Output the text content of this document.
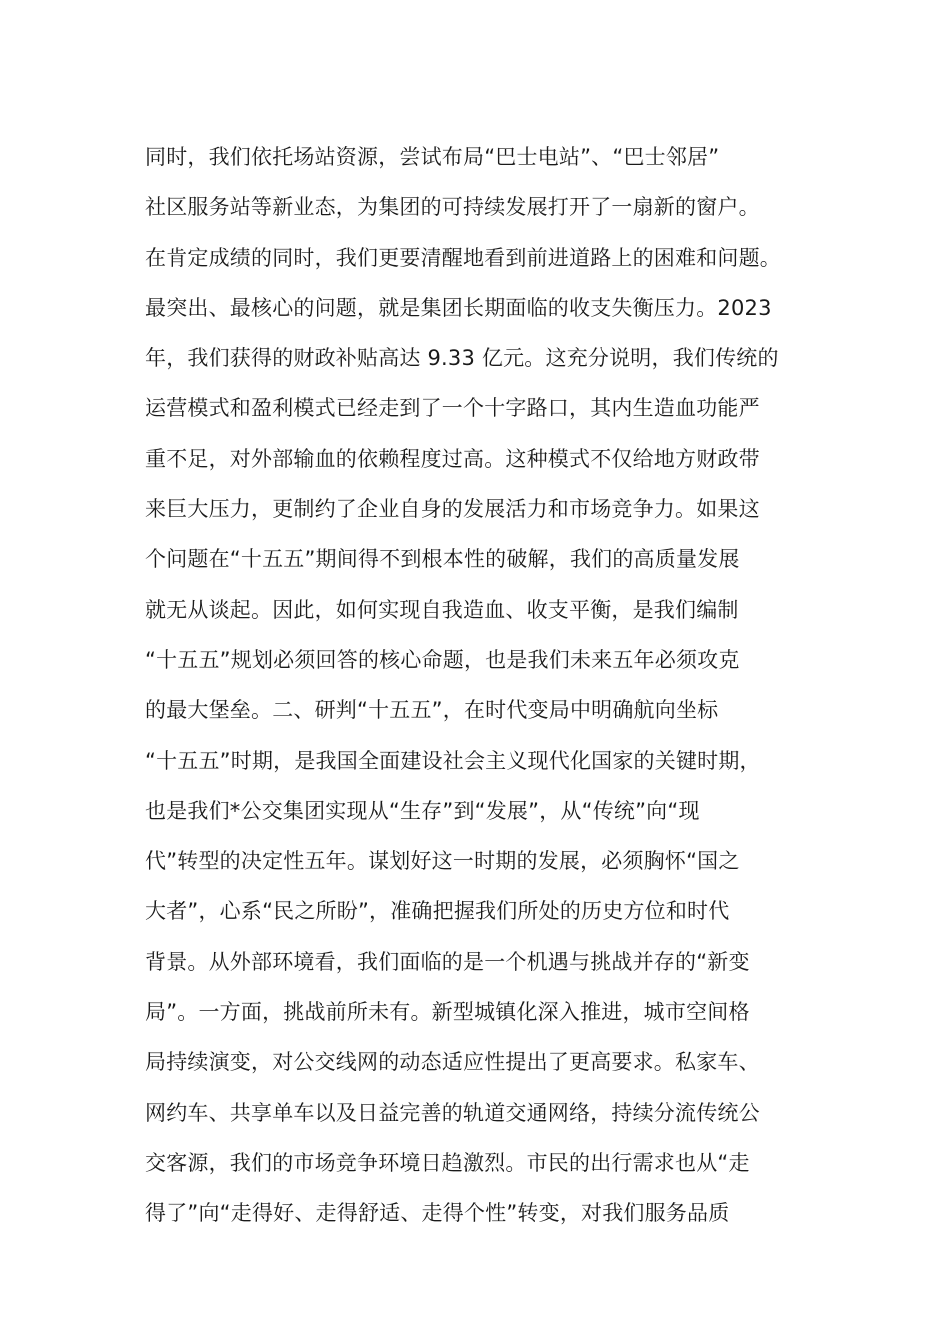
同时，我们依托场站资源，尝试布局“巴士电站”、“巴士邻居”
社区服务站等新业态，为集团的可持续发展打开了一扇新的窗户。
在肯定成绩的同时，我们更要清醒地看到前进道路上的困难和问题。
最突出、最核心的问题，就是集团长期面临的收支失衡压力。2023
年，我们获得的财政补贴高达 9.33 亿元。这充分说明，我们传统的
运营模式和盈利模式已经走到了一个十字路口，其内生造血功能严
重不足，对外部输血的依赖程度过高。这种模式不仅给地方财政带
来巨大压力，更制约了企业自身的发展活力和市场竞争力。如果这
个问题在“十五五”期间得不到根本性的破解，我们的高质量发展
就无从谈起。因此，如何实现自我造血、收支平衡，是我们编制
“十五五”规划必须回答的核心命题，也是我们未来五年必须攻克
的最大堡垒。二、研判“十五五”，在时代变局中明确航向坐标
“十五五”时期，是我国全面建设社会主义现代化国家的关键时期，
也是我们*公交集团实现从“生存”到“发展”，从“传统”向“现
代”转型的决定性五年。谋划好这一时期的发展，必须胸怀“国之
大者”，心系“民之所盼”，准确把握我们所处的历史方位和时代
背景。从外部环境看，我们面临的是一个机遇与挑战并存的“新变
局”。一方面，挑战前所未有。新型城镇化深入推进，城市空间格
局持续演变，对公交线网的动态适应性提出了更高要求。私家车、
网约车、共享单车以及日益完善的轨道交通网络，持续分流传统公
交客源，我们的市场竞争环境日趋激烈。市民的出行需求也从“走
得了”向“走得好、走得舒适、走得个性”转变，对我们服务品质
